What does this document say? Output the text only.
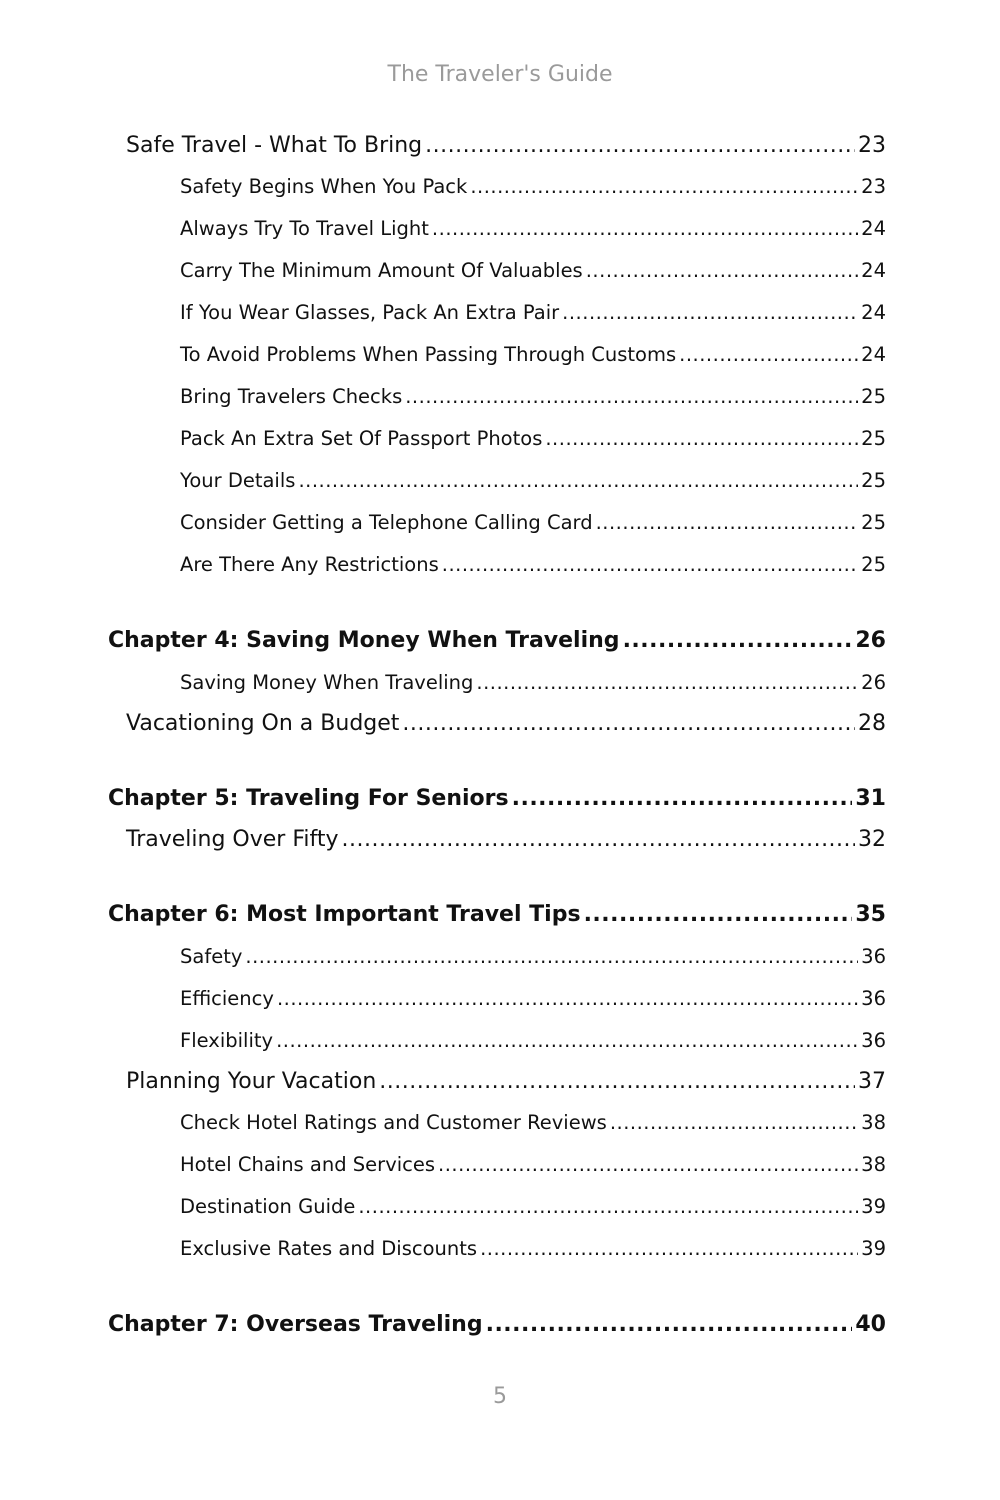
The Traveler's Guide
Safe Travel - What To Bring .....	23
Safety Begins When You Pack .....	23
Always Try To Travel Light .....	24
Carry The Minimum Amount Of Valuables .....	24
If You Wear Glasses, Pack An Extra Pair .....	24
To Avoid Problems When Passing Through Customs .....	24
Bring Travelers Checks .....	25
Pack An Extra Set Of Passport Photos .....	25
Your Details .....	25
Consider Getting a Telephone Calling Card .....	25
Are There Any Restrictions .....	25
Chapter 4: Saving Money When Traveling .....	26
Saving Money When Traveling .....	26
Vacationing On a Budget .....	28
Chapter 5: Traveling For Seniors .....	31
Traveling Over Fifty .....	32
Chapter 6: Most Important Travel Tips .....	35
Safety .....	36
Efficiency .....	36
Flexibility .....	36
Planning Your Vacation .....	37
Check Hotel Ratings and Customer Reviews .....	38
Hotel Chains and Services .....	38
Destination Guide .....	39
Exclusive Rates and Discounts .....	39
Chapter 7: Overseas Traveling .....	40
5
